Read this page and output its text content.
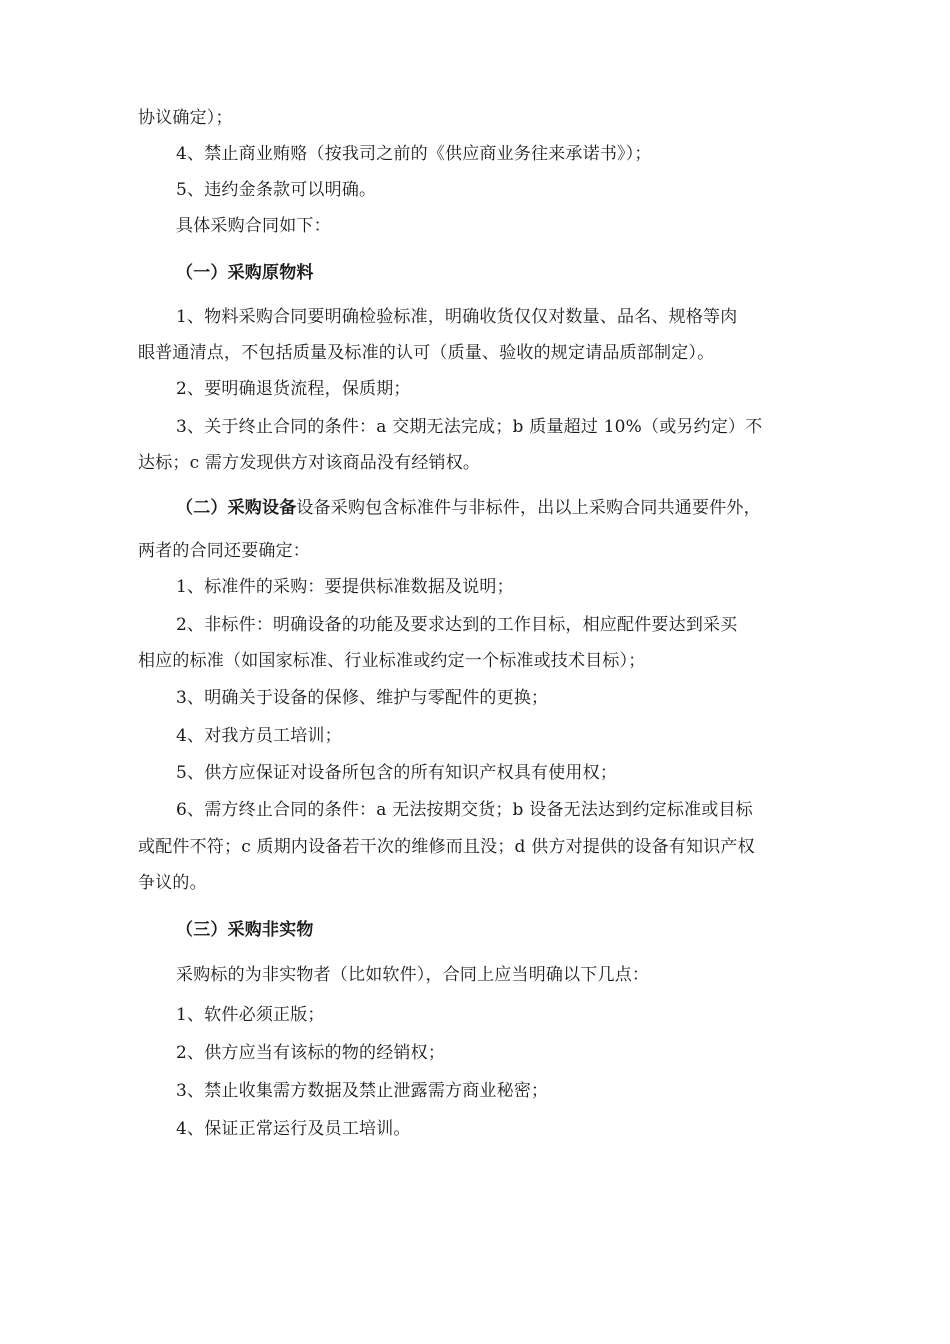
协议确定）；
4、禁止商业贿赂（按我司之前的《供应商业务往来承诺书》）；
5、违约金条款可以明确。
具体采购合同如下：
（一）采购原物料
1、物料采购合同要明确检验标准，明确收货仅仅对数量、品名、规格等肉
眼普通清点，不包括质量及标准的认可（质量、验收的规定请品质部制定）。
2、要明确退货流程，保质期；
3、关于终止合同的条件：a 交期无法完成；b 质量超过 10%（或另约定）不
达标；c 需方发现供方对该商品没有经销权。
（二）采购设备设备采购包含标准件与非标件，出以上采购合同共通要件外，
两者的合同还要确定：
1、标准件的采购：要提供标准数据及说明；
2、非标件：明确设备的功能及要求达到的工作目标，相应配件要达到采买
相应的标准（如国家标准、行业标准或约定一个标准或技术目标）；
3、明确关于设备的保修、维护与零配件的更换；
4、对我方员工培训；
5、供方应保证对设备所包含的所有知识产权具有使用权；
6、需方终止合同的条件：a 无法按期交货；b 设备无法达到约定标准或目标
或配件不符；c 质期内设备若干次的维修而且没；d 供方对提供的设备有知识产权
争议的。
（三）采购非实物
采购标的为非实物者（比如软件），合同上应当明确以下几点：
1、软件必须正版；
2、供方应当有该标的物的经销权；
3、禁止收集需方数据及禁止泄露需方商业秘密；
4、保证正常运行及员工培训。
